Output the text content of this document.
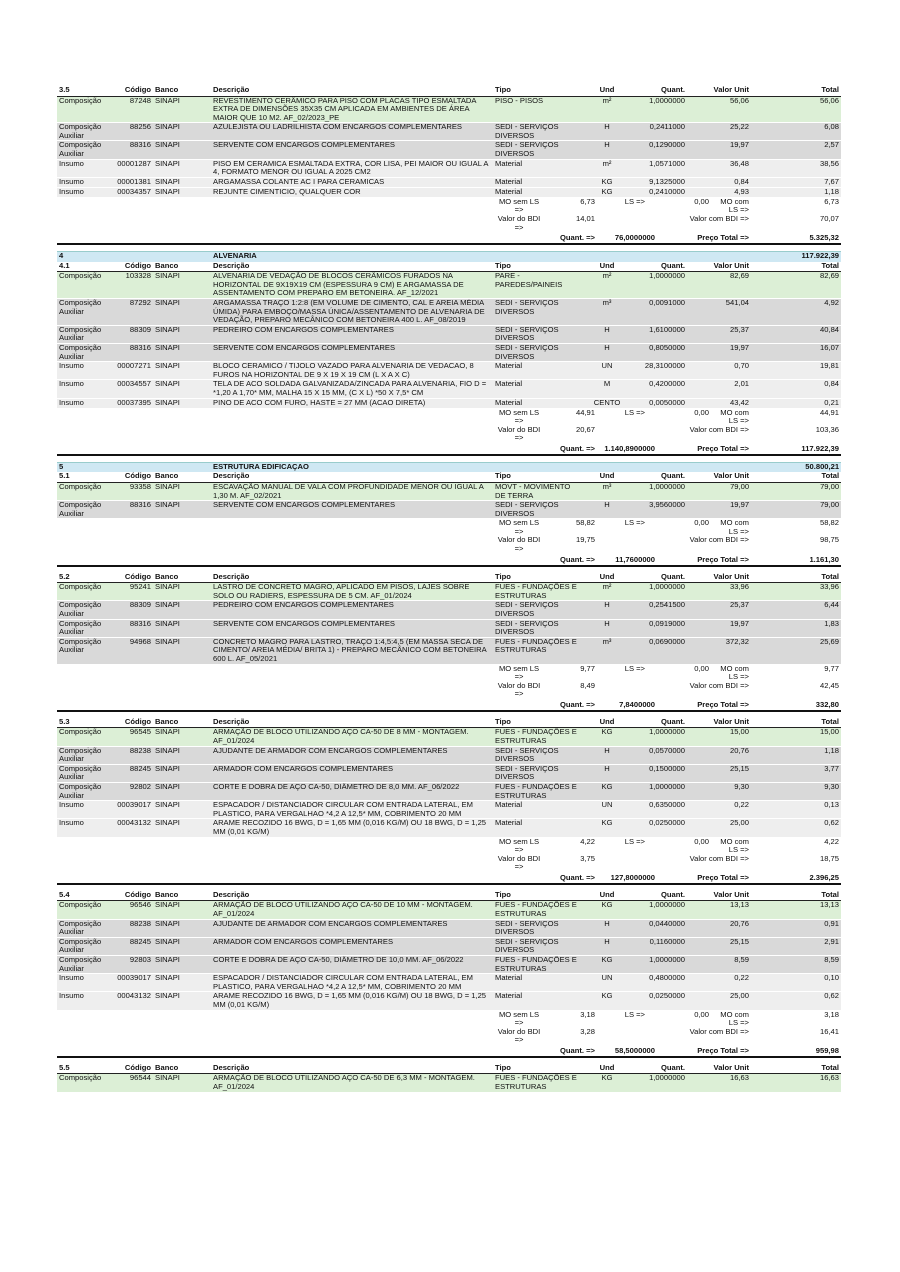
3.5	Código	Banco	Descrição	Tipo	Und	Quant.	Valor Unit	Total
Composição	87248	SINAPI	REVESTIMENTO CERÂMICO PARA PISO COM PLACAS TIPO ESMALTADA EXTRA DE DIMENSÕES 35X35 CM APLICADA EM AMBIENTES DE ÁREA MAIOR QUE 10 M2. AF_02/2023_PE	PISO - PISOS	m²	1,0000000	56,06	56,06
Composição Auxiliar	88256	SINAPI	AZULEJISTA OU LADRILHISTA COM ENCARGOS COMPLEMENTARES	SEDI - SERVIÇOS DIVERSOS	H	0,2411000	25,22	6,08
Composição Auxiliar	88316	SINAPI	SERVENTE COM ENCARGOS COMPLEMENTARES	SEDI - SERVIÇOS DIVERSOS	H	0,1290000	19,97	2,57
Insumo	00001287	SINAPI	PISO EM CERAMICA ESMALTADA EXTRA, COR LISA, PEI MAIOR OU IGUAL A 4, FORMATO MENOR OU IGUAL A 2025 CM2	Material	m²	1,0571000	36,48	38,56
Insumo	00001381	SINAPI	ARGAMASSA COLANTE AC I PARA CERAMICAS	Material	KG	9,1325000	0,84	7,67
Insumo	00034357	SINAPI	REJUNTE CIMENTICIO, QUALQUER COR	Material	KG	0,2410000	4,93	1,18
	MO sem LS =>	6,73	LS =>	0,00	MO com LS =>	6,73
	Valor do BDI =>	14,01		Valor com BDI =>		70,07
Quant. =>	76,0000000	Preço Total =>	5.325,32
4			ALVENARIA					117.922,39
4.1	Código	Banco	Descrição	Tipo	Und	Quant.	Valor Unit	Total
Composição	103328	SINAPI	ALVENARIA DE VEDAÇÃO DE BLOCOS CERÂMICOS FURADOS NA HORIZONTAL DE 9X19X19 CM (ESPESSURA 9 CM) E ARGAMASSA DE ASSENTAMENTO COM PREPARO EM BETONEIRA. AF_12/2021	PARE - PAREDES/PAINEIS	m²	1,0000000	82,69	82,69
Composição Auxiliar	87292	SINAPI	ARGAMASSA TRAÇO 1:2:8 (EM VOLUME DE CIMENTO, CAL E AREIA MÉDIA ÚMIDA) PARA EMBOÇO/MASSA ÚNICA/ASSENTAMENTO DE ALVENARIA DE VEDAÇÃO, PREPARO MECÂNICO COM BETONEIRA 400 L. AF_08/2019	SEDI - SERVIÇOS DIVERSOS	m³	0,0091000	541,04	4,92
Composição Auxiliar	88309	SINAPI	PEDREIRO COM ENCARGOS COMPLEMENTARES	SEDI - SERVIÇOS DIVERSOS	H	1,6100000	25,37	40,84
Composição Auxiliar	88316	SINAPI	SERVENTE COM ENCARGOS COMPLEMENTARES	SEDI - SERVIÇOS DIVERSOS	H	0,8050000	19,97	16,07
Insumo	00007271	SINAPI	BLOCO CERAMICO / TIJOLO VAZADO PARA ALVENARIA DE VEDACAO, 8 FUROS NA HORIZONTAL DE 9 X 19 X 19 CM (L X A X C)	Material	UN	28,3100000	0,70	19,81
Insumo	00034557	SINAPI	TELA DE ACO SOLDADA GALVANIZADA/ZINCADA PARA ALVENARIA, FIO D = *1,20 A 1,70* MM, MALHA 15 X 15 MM, (C X L) *50 X 7,5* CM	Material	M	0,4200000	2,01	0,84
Insumo	00037395	SINAPI	PINO DE ACO COM FURO, HASTE = 27 MM (ACAO DIRETA)	Material	CENTO	0,0050000	43,42	0,21
	MO sem LS =>	44,91	LS =>	0,00	MO com LS =>	44,91
	Valor do BDI =>	20,67		Valor com BDI =>		103,36
Quant. =>	1.140,8900000	Preço Total =>	117.922,39
5			ESTRUTURA EDIFICAÇAO					50.800,21
5.1	Código	Banco	Descrição	Tipo	Und	Quant.	Valor Unit	Total
Composição	93358	SINAPI	ESCAVAÇÃO MANUAL DE VALA COM PROFUNDIDADE MENOR OU IGUAL A 1,30 M. AF_02/2021	MOVT - MOVIMENTO DE TERRA	m³	1,0000000	79,00	79,00
Composição Auxiliar	88316	SINAPI	SERVENTE COM ENCARGOS COMPLEMENTARES	SEDI - SERVIÇOS DIVERSOS	H	3,9560000	19,97	79,00
	MO sem LS =>	58,82	LS =>	0,00	MO com LS =>	58,82
	Valor do BDI =>	19,75		Valor com BDI =>		98,75
Quant. =>	11,7600000	Preço Total =>	1.161,30
5.2	Código	Banco	Descrição	Tipo	Und	Quant.	Valor Unit	Total
Composição	95241	SINAPI	LASTRO DE CONCRETO MAGRO, APLICADO EM PISOS, LAJES SOBRE SOLO OU RADIERS, ESPESSURA DE 5 CM. AF_01/2024	FUES - FUNDAÇÕES E ESTRUTURAS	m²	1,0000000	33,96	33,96
Composição Auxiliar	88309	SINAPI	PEDREIRO COM ENCARGOS COMPLEMENTARES	SEDI - SERVIÇOS DIVERSOS	H	0,2541500	25,37	6,44
Composição Auxiliar	88316	SINAPI	SERVENTE COM ENCARGOS COMPLEMENTARES	SEDI - SERVIÇOS DIVERSOS	H	0,0919000	19,97	1,83
Composição Auxiliar	94968	SINAPI	CONCRETO MAGRO PARA LASTRO, TRAÇO 1:4,5:4,5 (EM MASSA SECA DE CIMENTO/ AREIA MÉDIA/ BRITA 1) - PREPARO MECÂNICO COM BETONEIRA 600 L. AF_05/2021	FUES - FUNDAÇÕES E ESTRUTURAS	m³	0,0690000	372,32	25,69
	MO sem LS =>	9,77	LS =>	0,00	MO com LS =>	9,77
	Valor do BDI =>	8,49		Valor com BDI =>		42,45
Quant. =>	7,8400000	Preço Total =>	332,80
5.3	Código	Banco	Descrição	Tipo	Und	Quant.	Valor Unit	Total
Composição	96545	SINAPI	ARMAÇÃO DE BLOCO UTILIZANDO AÇO CA-50 DE 8 MM - MONTAGEM. AF_01/2024	FUES - FUNDAÇÕES E ESTRUTURAS	KG	1,0000000	15,00	15,00
Composição Auxiliar	88238	SINAPI	AJUDANTE DE ARMADOR COM ENCARGOS COMPLEMENTARES	SEDI - SERVIÇOS DIVERSOS	H	0,0570000	20,76	1,18
Composição Auxiliar	88245	SINAPI	ARMADOR COM ENCARGOS COMPLEMENTARES	SEDI - SERVIÇOS DIVERSOS	H	0,1500000	25,15	3,77
Composição Auxiliar	92802	SINAPI	CORTE E DOBRA DE AÇO CA-50, DIÂMETRO DE 8,0 MM. AF_06/2022	FUES - FUNDAÇÕES E ESTRUTURAS	KG	1,0000000	9,30	9,30
Insumo	00039017	SINAPI	ESPACADOR / DISTANCIADOR CIRCULAR COM ENTRADA LATERAL, EM PLASTICO, PARA VERGALHAO *4,2 A 12,5* MM, COBRIMENTO 20 MM	Material	UN	0,6350000	0,22	0,13
Insumo	00043132	SINAPI	ARAME RECOZIDO 16 BWG, D = 1,65 MM (0,016 KG/M) OU 18 BWG, D = 1,25 MM (0,01 KG/M)	Material	KG	0,0250000	25,00	0,62
	MO sem LS =>	4,22	LS =>	0,00	MO com LS =>	4,22
	Valor do BDI =>	3,75		Valor com BDI =>		18,75
Quant. =>	127,8000000	Preço Total =>	2.396,25
5.4	Código	Banco	Descrição	Tipo	Und	Quant.	Valor Unit	Total
Composição	96546	SINAPI	ARMAÇÃO DE BLOCO UTILIZANDO AÇO CA-50 DE 10 MM - MONTAGEM. AF_01/2024	FUES - FUNDAÇÕES E ESTRUTURAS	KG	1,0000000	13,13	13,13
Composição Auxiliar	88238	SINAPI	AJUDANTE DE ARMADOR COM ENCARGOS COMPLEMENTARES	SEDI - SERVIÇOS DIVERSOS	H	0,0440000	20,76	0,91
Composição Auxiliar	88245	SINAPI	ARMADOR COM ENCARGOS COMPLEMENTARES	SEDI - SERVIÇOS DIVERSOS	H	0,1160000	25,15	2,91
Composição Auxiliar	92803	SINAPI	CORTE E DOBRA DE AÇO CA-50, DIÂMETRO DE 10,0 MM. AF_06/2022	FUES - FUNDAÇÕES E ESTRUTURAS	KG	1,0000000	8,59	8,59
Insumo	00039017	SINAPI	ESPACADOR / DISTANCIADOR CIRCULAR COM ENTRADA LATERAL, EM PLASTICO, PARA VERGALHAO *4,2 A 12,5* MM, COBRIMENTO 20 MM	Material	UN	0,4800000	0,22	0,10
Insumo	00043132	SINAPI	ARAME RECOZIDO 16 BWG, D = 1,65 MM (0,016 KG/M) OU 18 BWG, D = 1,25 MM (0,01 KG/M)	Material	KG	0,0250000	25,00	0,62
	MO sem LS =>	3,18	LS =>	0,00	MO com LS =>	3,18
	Valor do BDI =>	3,28		Valor com BDI =>		16,41
Quant. =>	58,5000000	Preço Total =>	959,98
5.5	Código	Banco	Descrição	Tipo	Und	Quant.	Valor Unit	Total
Composição	96544	SINAPI	ARMAÇÃO DE BLOCO UTILIZANDO AÇO CA-50 DE 6,3 MM - MONTAGEM. AF_01/2024	FUES - FUNDAÇÕES E ESTRUTURAS	KG	1,0000000	16,63	16,63
